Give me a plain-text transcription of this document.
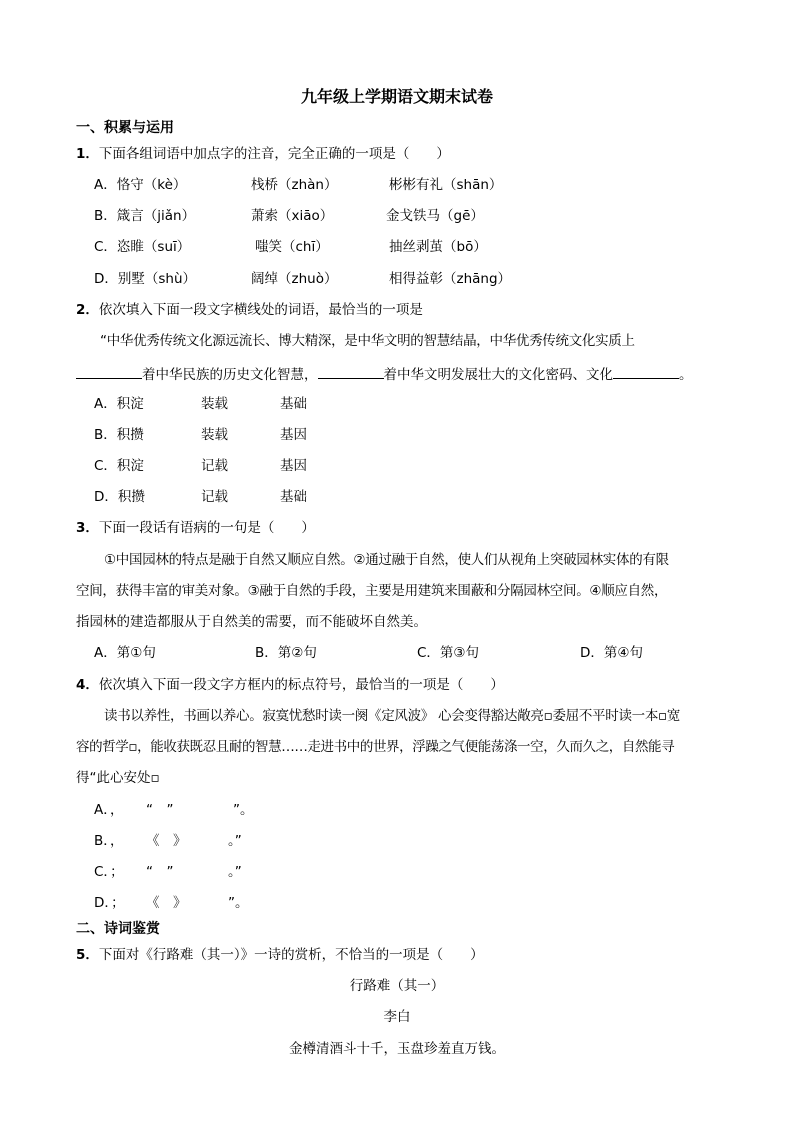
九年级上学期语文期末试卷
一、积累与运用
1．下面各组词语中加点字的注音，完全正确的一项是（　　）
A．恪守（kè）	栈桥（zhàn）	彬彬有礼（shān）
B．箴言（jiǎn）	萧索（xiāo）	金戈铁马（gē）
C．恣睢（suī）	嗤笑（chī）	抽丝剥茧（bō）
D．别墅（shù）	阔绰（zhuò）	相得益彰（zhāng）
2．依次填入下面一段文字横线处的词语，最恰当的一项是
“中华优秀传统文化源远流长、博大精深，是中华文明的智慧结晶，中华优秀传统文化实质上
着中华民族的历史文化智慧，	着中华文明发展壮大的文化密码、文化	。
A．积淀	装载	基础
B．积攒	装载	基因
C．积淀	记载	基因
D．积攒	记载	基础
3．下面一段话有语病的一句是（　　）
①中国园林的特点是融于自然又顺应自然。②通过融于自然，使人们从视角上突破园林实体的有限
空间，获得丰富的审美对象。③融于自然的手段，主要是用建筑来围蔽和分隔园林空间。④顺应自然，
指园林的建造都服从于自然美的需要，而不能破坏自然美。
A．第①句	B．第②句	C．第③句	D．第④句
4．依次填入下面一段文字方框内的标点符号，最恰当的一项是（　　）
读书以养性，书画以养心。寂寞忧愁时读一阕《定风波》 心会变得豁达敞亮▫委屈不平时读一本▫宽
容的哲学▫，能收获既忍且耐的智慧……走进书中的世界，浮躁之气便能荡涤一空，久而久之，自然能寻
得“此心安处▫
A．， “　”	”。
B．， 《　》	。”
C．； “　”	。”
D．； 《　》	”。
二、诗词鉴赏
5．下面对《行路难（其一）》一诗的赏析，不恰当的一项是（　　）
行路难（其一）
李白
金樽清酒斗十千，玉盘珍羞直万钱。
